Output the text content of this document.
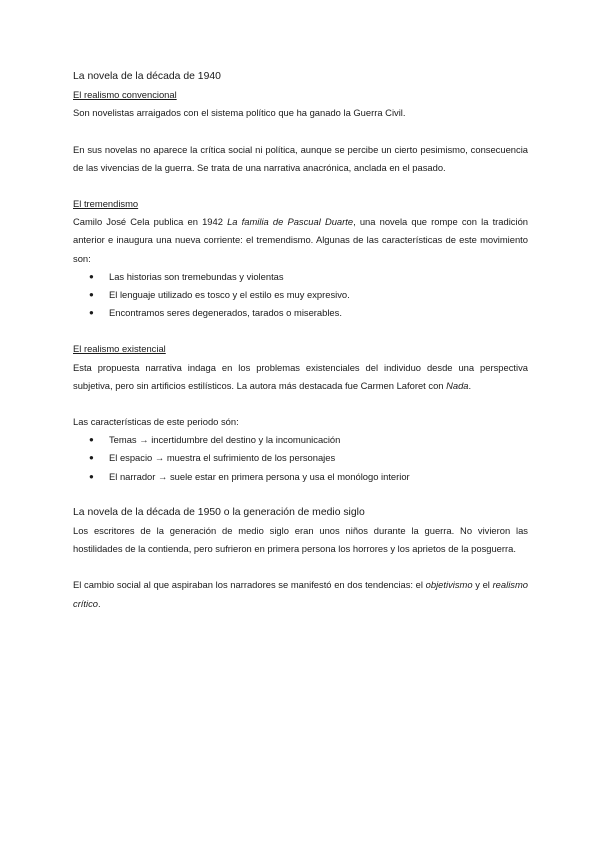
La novela de la década de 1940

El realismo convencional

Son novelistas arraigados con el sistema político que ha ganado la Guerra Civil.

En sus novelas no aparece la crítica social ni política, aunque se percibe un cierto pesimismo, consecuencia de las vivencias de la guerra. Se trata de una narrativa anacrónica, anclada en el pasado.

El tremendismo

Camilo José Cela publica en 1942 La familia de Pascual Duarte, una novela que rompe con la tradición anterior e inaugura una nueva corriente: el tremendismo. Algunas de las características de este movimiento son:

● Las historias son tremebundas y violentas
● El lenguaje utilizado es tosco y el estilo es muy expresivo.
● Encontramos seres degenerados, tarados o miserables.

El realismo existencial

Esta propuesta narrativa indaga en los problemas existenciales del individuo desde una perspectiva subjetiva, pero sin artificios estilísticos. La autora más destacada fue Carmen Laforet con Nada.

Las características de este periodo són:

● Temas → incertidumbre del destino y la incomunicación
● El espacio → muestra el sufrimiento de los personajes
● El narrador → suele estar en primera persona y usa el monólogo interior

La novela de la década de 1950 o la generación de medio siglo

Los escritores de la generación de medio siglo eran unos niños durante la guerra. No vivieron las hostilidades de la contienda, pero sufrieron en primera persona los horrores y los aprietos de la posguerra.

El cambio social al que aspiraban los narradores se manifestó en dos tendencias: el objetivismo y el realismo crítico.
